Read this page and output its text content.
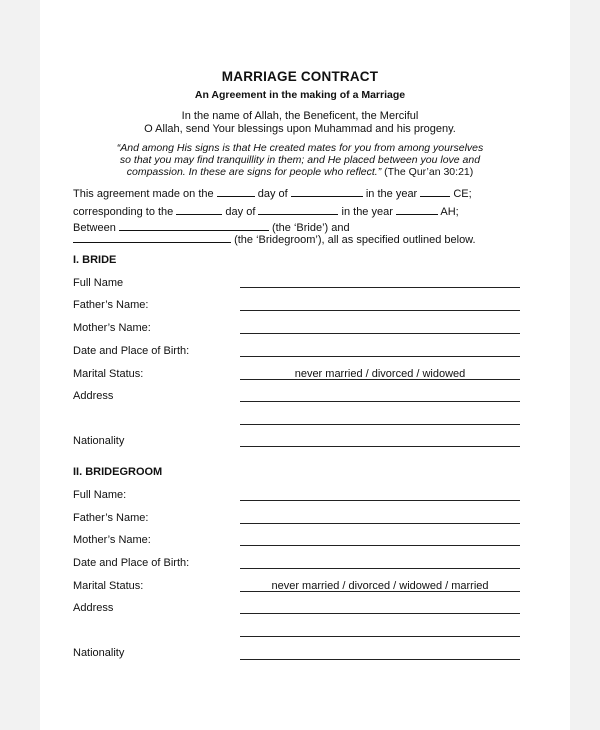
MARRIAGE CONTRACT
An Agreement in the making of a Marriage
In the name of Allah, the Beneficent, the Merciful
O Allah, send Your blessings upon Muhammad and his progeny.
“And among His signs is that He created mates for you from among yourselves
so that you may find tranquillity in them; and He placed between you love and
compassion. In these are signs for people who reflect.” (The Qur’an 30:21)
This agreement made on the	day of	in the year	CE;
corresponding to the	day of	in the year	AH;
Between	(the ‘Bride’) and
(the ‘Bridegroom’), all as specified outlined below.
I. BRIDE
Full Name
Father’s Name:
Mother’s Name:
Date and Place of Birth:
Marital Status:	never married / divorced / widowed
Address
Nationality
II. BRIDEGROOM
Full Name:
Father’s Name:
Mother’s Name:
Date and Place of Birth:
Marital Status:	never married / divorced / widowed / married
Address
Nationality
